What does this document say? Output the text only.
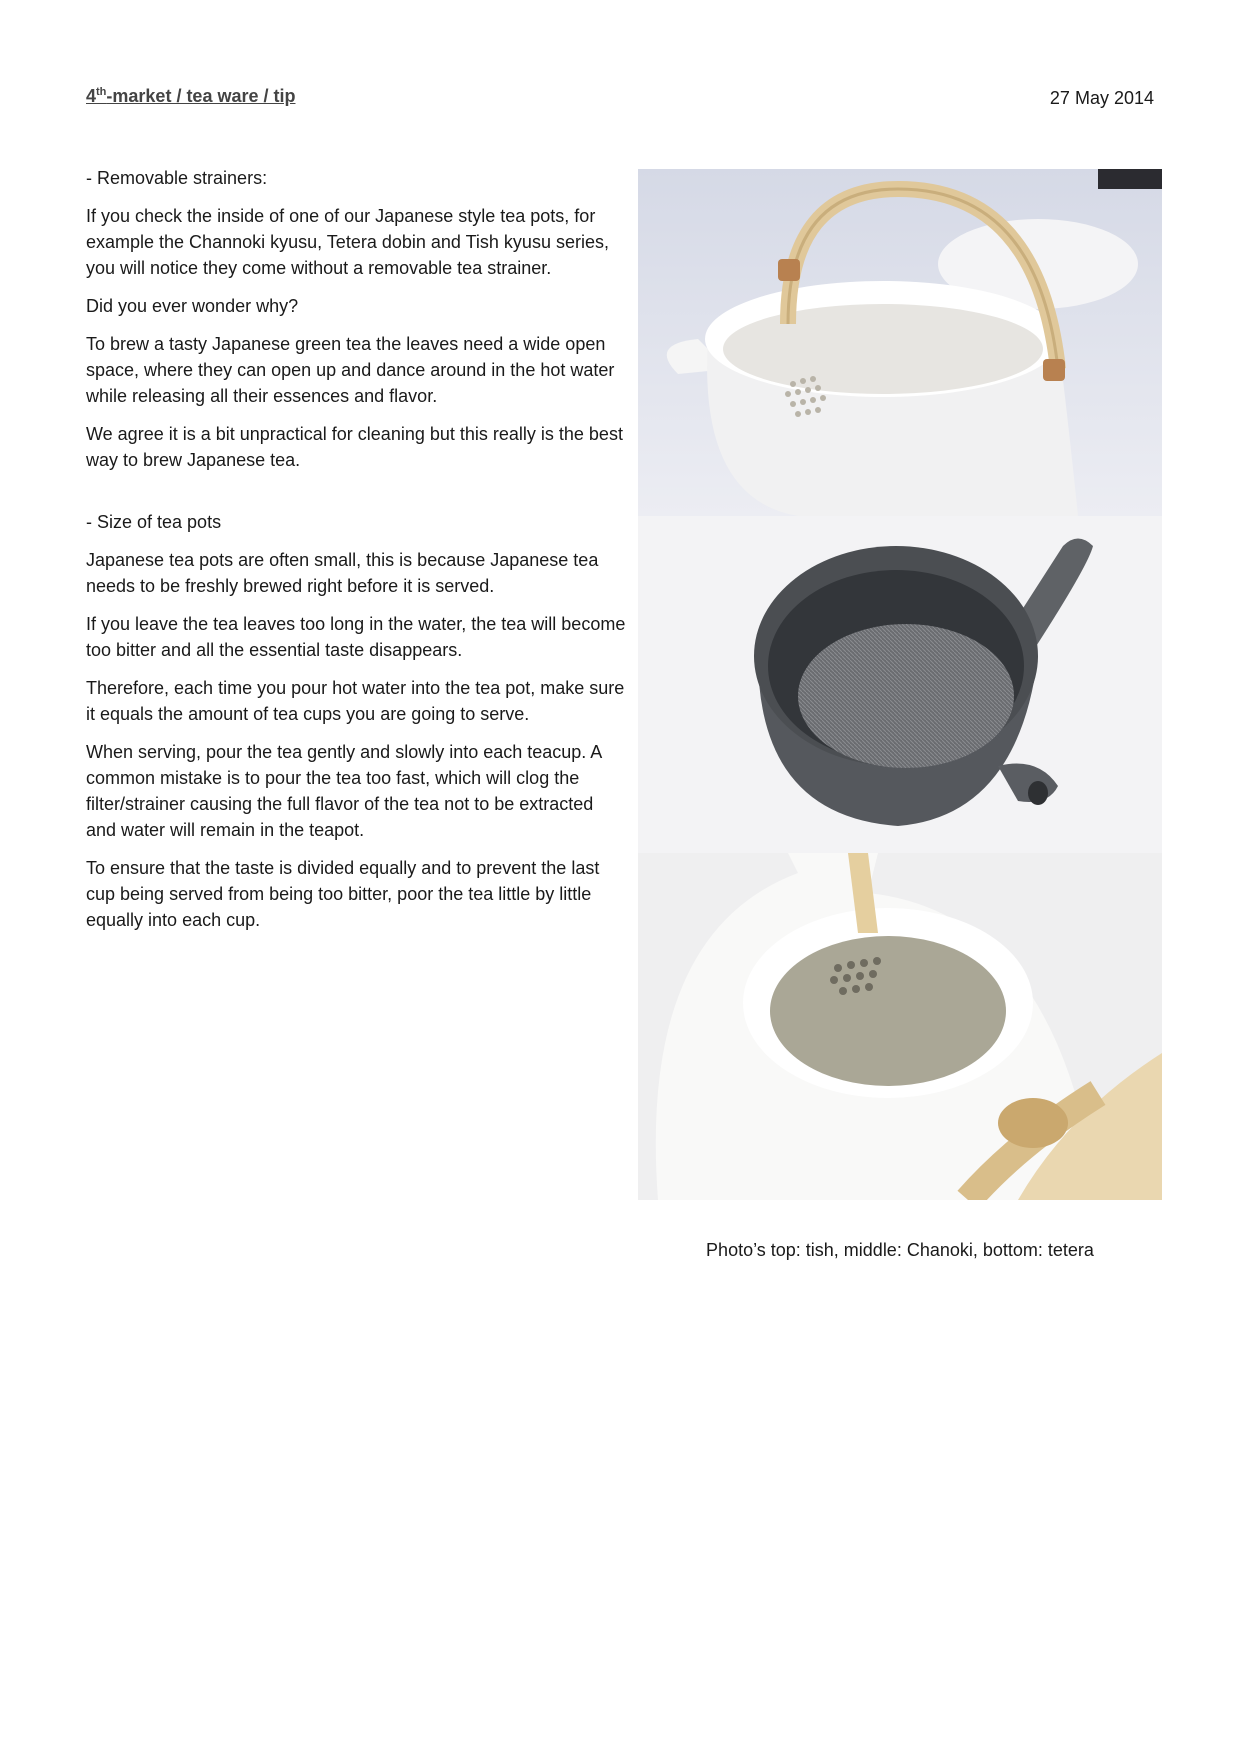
4th-market / tea ware / tip	27 May 2014

- Removable strainers:

If you check the inside of one of our Japanese style tea pots, for example the Channoki kyusu, Tetera dobin and Tish kyusu series, you will notice they come without a removable tea strainer.

Did you ever wonder why?

To brew a tasty Japanese green tea the leaves need a wide open space, where they can open up and dance around in the hot water while releasing all their essences and flavor.

We agree it is a bit unpractical for cleaning but this really is the best way to brew Japanese tea.

- Size of tea pots

Japanese tea pots are often small, this is because Japanese tea needs to be freshly brewed right before it is served.

If you leave the tea leaves too long in the water, the tea will become too bitter and all the essential taste disappears.

Therefore, each time you pour hot water into the tea pot, make sure it equals the amount of tea cups you are going to serve.

When serving, pour the tea gently and slowly into each teacup. A common mistake is to pour the tea too fast, which will clog the filter/strainer causing the full flavor of the tea not to be extracted and water will remain in the teapot.

To ensure that the taste is divided equally and to prevent the last cup being served from being too bitter, poor the tea little by little equally into each cup.

Photo’s top: tish, middle: Chanoki, bottom: tetera
